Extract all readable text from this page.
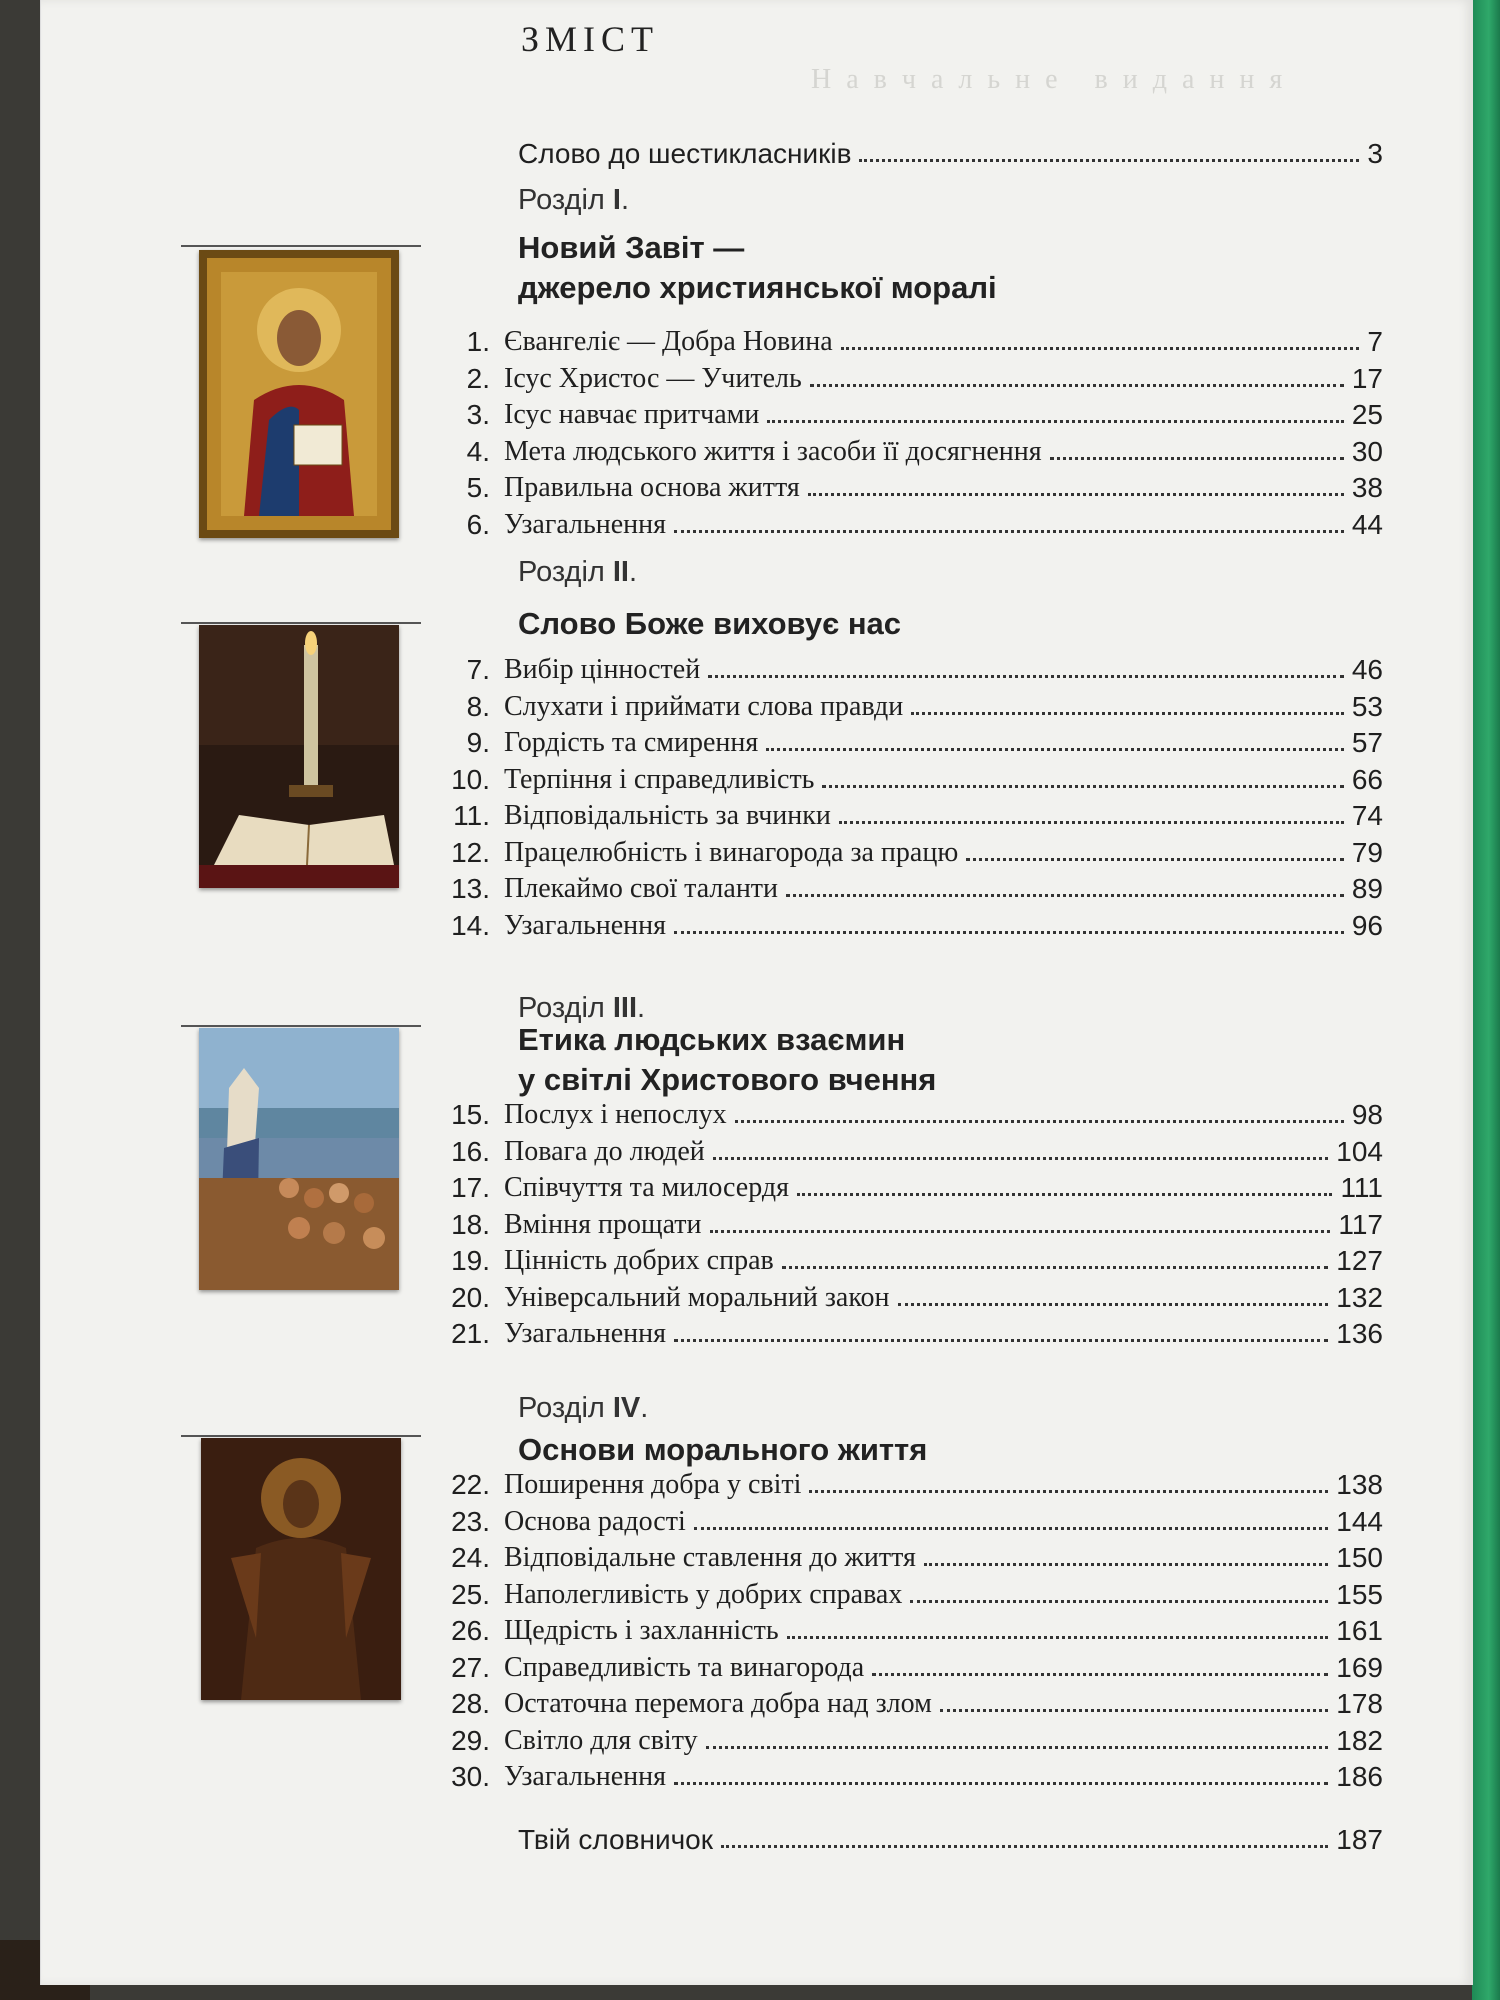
Н а в ч а л ь н е   в и д а н н я
ЗМІСТ
Слово до шестикласників	3
Розділ I.
Новий Завіт —
джерело християнської моралі
Розділ II.
Слово Боже виховує нас
Розділ III.
Етика людських взаємин
у світлі Христового вчення
Розділ IV.
Основи морального життя
Твій словничок	187
1. Євангеліє — Добра Новина	7
2. Ісус Христос — Учитель	17
3. Ісус навчає притчами	25
4. Мета людського життя і засоби її досягнення	30
5. Правильна основа життя	38
6. Узагальнення	44
7. Вибір цінностей	46
8. Слухати і приймати слова правди	53
9. Гордість та смирення	57
10. Терпіння і справедливість	66
11. Відповідальність за вчинки	74
12. Працелюбність і винагорода за працю	79
13. Плекаймо свої таланти	89
14. Узагальнення	96
15. Послух і непослух	98
16. Повага до людей	104
17. Співчуття та милосердя	111
18. Вміння прощати	117
19. Цінність добрих справ	127
20. Універсальний моральний закон	132
21. Узагальнення	136
22. Поширення добра у світі	138
23. Основа радості	144
24. Відповідальне ставлення до життя	150
25. Наполегливість у добрих справах	155
26. Щедрість і захланність	161
27. Справедливість та винагорода	169
28. Остаточна перемога добра над злом	178
29. Світло для світу	182
30. Узагальнення	186
